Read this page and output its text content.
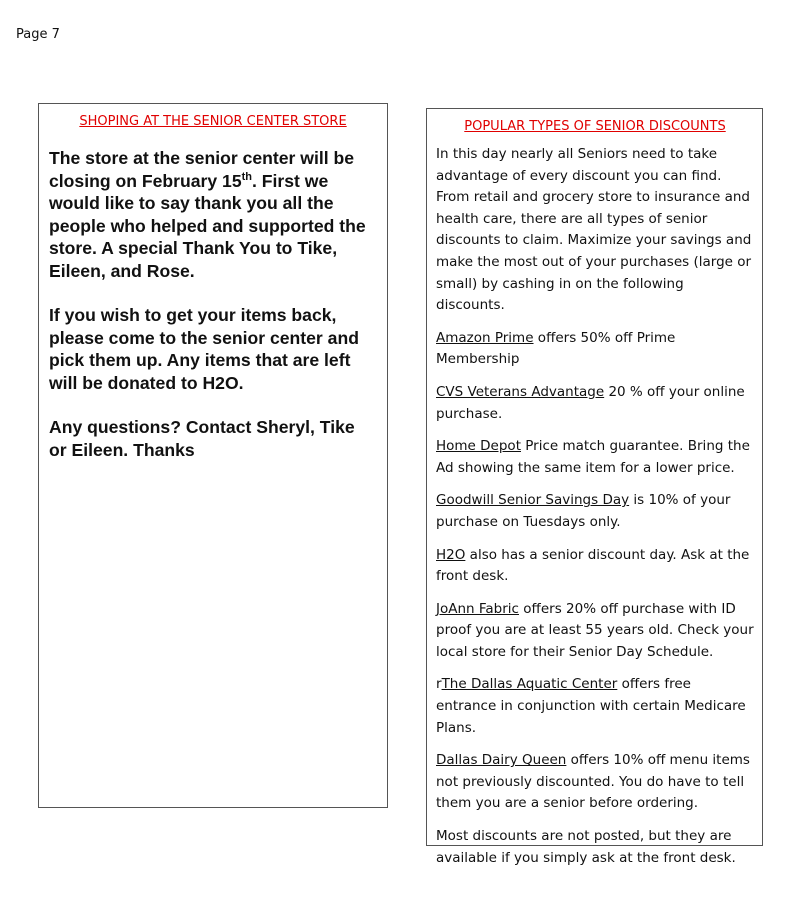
Page 7
SHOPING AT THE SENIOR CENTER STORE

The store at the senior center will be closing on February 15th. First we would like to say thank you all the people who helped and supported the store. A special Thank You to Tike, Eileen, and Rose.

If you wish to get your items back, please come to the senior center and pick them up. Any items that are left will be donated to H2O.

Any questions? Contact Sheryl, Tike or Eileen. Thanks

POPULAR TYPES OF SENIOR DISCOUNTS

In this day nearly all Seniors need to take advantage of every discount you can find. From retail and grocery store to insurance and health care, there are all types of senior discounts to claim. Maximize your savings and make the most out of your purchases (large or small) by cashing in on the following discounts.

Amazon Prime offers 50% off Prime Membership

CVS Veterans Advantage 20 % off your online purchase.

Home Depot Price match guarantee. Bring the Ad showing the same item for a lower price.

Goodwill Senior Savings Day is 10% of your purchase on Tuesdays only.

H2O also has a senior discount day. Ask at the front desk.

JoAnn Fabric offers 20% off purchase with ID proof you are at least 55 years old. Check your local store for their Senior Day Schedule.

rThe Dallas Aquatic Center offers free entrance in conjunction with certain Medicare Plans.

Dallas Dairy Queen offers 10% off menu items not previously discounted. You do have to tell them you are a senior before ordering.

Most discounts are not posted, but they are available if you simply ask at the front desk.
